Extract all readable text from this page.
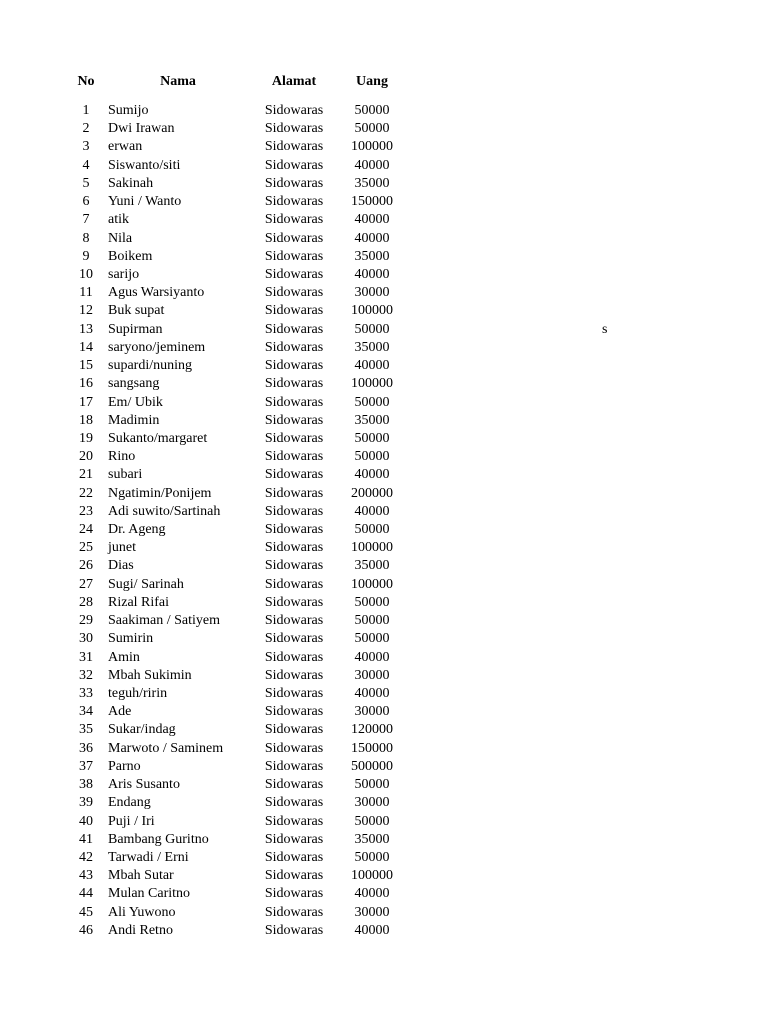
No	Nama	Alamat	Uang
1	Sumijo	Sidowaras	50000
2	Dwi Irawan	Sidowaras	50000
3	erwan	Sidowaras	100000
4	Siswanto/siti	Sidowaras	40000
5	Sakinah	Sidowaras	35000
6	Yuni / Wanto	Sidowaras	150000
7	atik	Sidowaras	40000
8	Nila	Sidowaras	40000
9	Boikem	Sidowaras	35000
10	sarijo	Sidowaras	40000
11	Agus Warsiyanto	Sidowaras	30000
12	Buk supat	Sidowaras	100000
13	Supirman	Sidowaras	50000
14	saryono/jeminem	Sidowaras	35000
15	supardi/nuning	Sidowaras	40000
16	sangsang	Sidowaras	100000
17	Em/ Ubik	Sidowaras	50000
18	Madimin	Sidowaras	35000
19	Sukanto/margaret	Sidowaras	50000
20	Rino	Sidowaras	50000
21	subari	Sidowaras	40000
22	Ngatimin/Ponijem	Sidowaras	200000
23	Adi suwito/Sartinah	Sidowaras	40000
24	Dr. Ageng	Sidowaras	50000
25	junet	Sidowaras	100000
26	Dias	Sidowaras	35000
27	Sugi/ Sarinah	Sidowaras	100000
28	Rizal Rifai	Sidowaras	50000
29	Saakiman / Satiyem	Sidowaras	50000
30	Sumirin	Sidowaras	50000
31	Amin	Sidowaras	40000
32	Mbah Sukimin	Sidowaras	30000
33	teguh/ririn	Sidowaras	40000
34	Ade	Sidowaras	30000
35	Sukar/indag	Sidowaras	120000
36	Marwoto / Saminem	Sidowaras	150000
37	Parno	Sidowaras	500000
38	Aris Susanto	Sidowaras	50000
39	Endang	Sidowaras	30000
40	Puji / Iri	Sidowaras	50000
41	Bambang Guritno	Sidowaras	35000
42	Tarwadi / Erni	Sidowaras	50000
43	Mbah Sutar	Sidowaras	100000
44	Mulan Caritno	Sidowaras	40000
45	Ali Yuwono	Sidowaras	30000
46	Andi Retno	Sidowaras	40000
s
